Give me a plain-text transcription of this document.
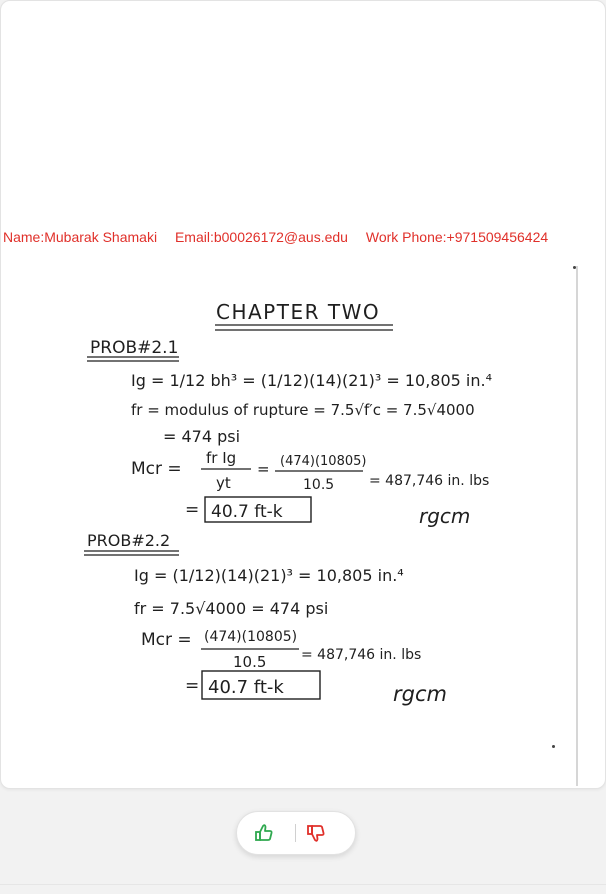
Name:Mubarak Shamaki Email:b00026172@aus.edu Work Phone:+971509456424
CHAPTER TWO
PROB#2.1
Ig = 1/12 bh³ = (1/12)(14)(21)³ = 10,805 in.⁴
fr = modulus of rupture = 7.5√f′c = 7.5√4000
= 474 psi
Mcr =
fr Ig
yt
= (474)(10805)
10.5 = 487,746 in. lbs
= 40.7 ft-k	rgcm
PROB#2.2
Ig = (1/12)(14)(21)³ = 10,805 in.⁴
fr = 7.5√4000 = 474 psi
Mcr = (474)(10805)
10.5 = 487,746 in. lbs
= 40.7 ft-k	rgcm
